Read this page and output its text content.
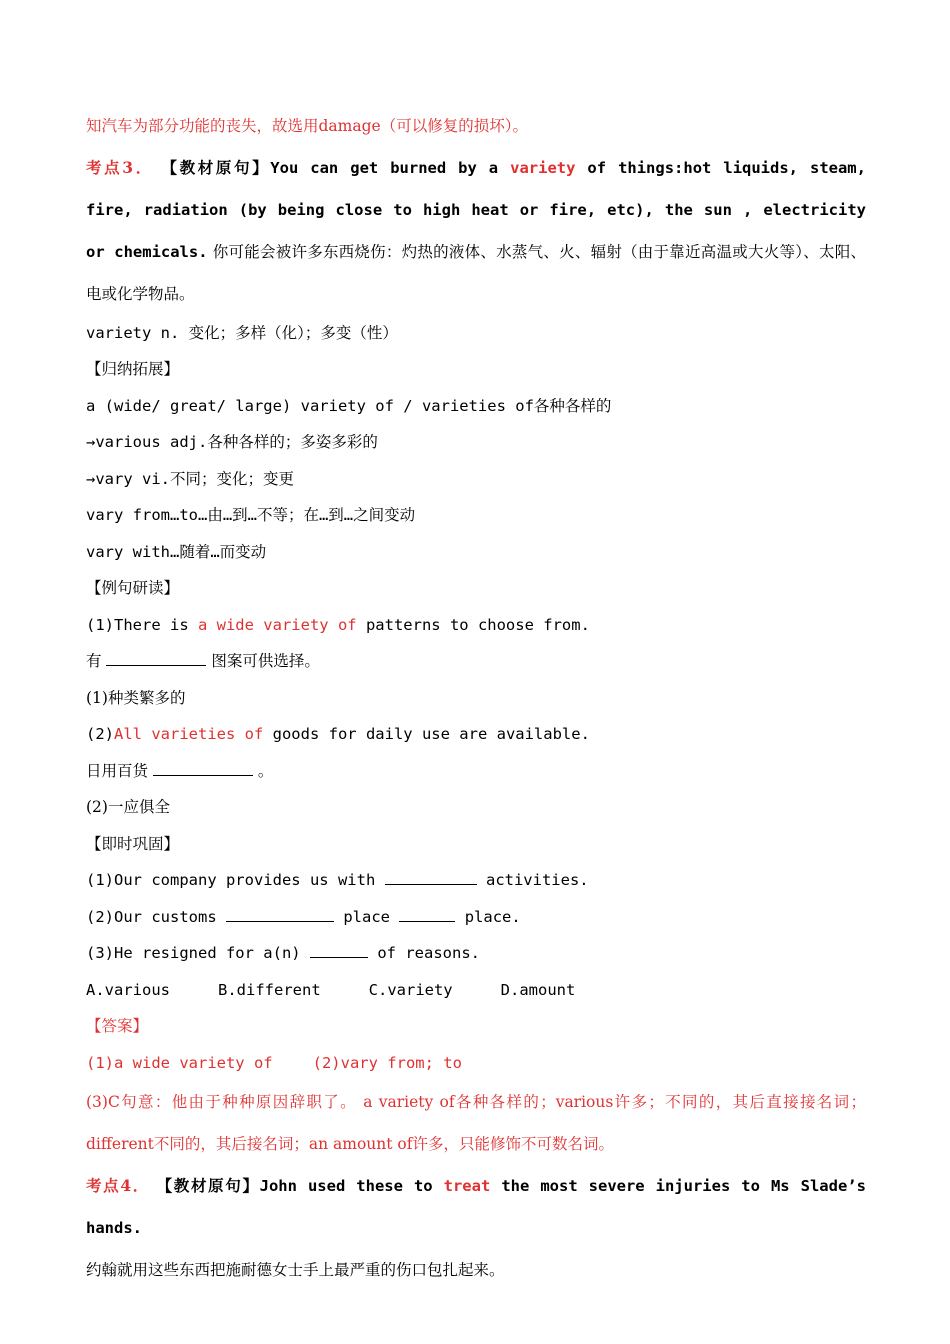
知汽车为部分功能的丧失，故选用damage（可以修复的损坏）。
考点3． 【教材原句】You can get burned by a variety of things:hot liquids, steam, fire, radiation (by being close to high heat or fire, etc), the sun , electricity or chemicals. 你可能会被许多东西烧伤：灼热的液体、水蒸气、火、辐射（由于靠近高温或大火等）、太阳、电或化学物品。
variety n. 变化；多样（化）；多变（性）
【归纳拓展】
a (wide/ great/ large) variety of / varieties of各种各样的
→various adj.各种各样的；多姿多彩的
→vary vi.不同；变化；变更
vary from…to…由…到…不等；在…到…之间变动
vary with…随着…而变动
【例句研读】
(1)There is a wide variety of patterns to choose from.
有	图案可供选择。
(1)种类繁多的
(2)All varieties of goods for daily use are available.
日用百货	。
(2)一应俱全
【即时巩固】
(1)Our company provides us with	activities.
(2)Our customs	place	place.
(3)He resigned for a(n)	of reasons.
A.various	B.different	C.variety	D.amount
【答案】
(1)a wide variety of	(2)vary from; to
(3)C句意：他由于种种原因辞职了。 a variety of各种各样的；various许多；不同的，其后直接接名词；different不同的，其后接名词；an amount of许多，只能修饰不可数名词。
考点4． 【教材原句】John used these to treat the most severe injuries to Ms Slade’s hands.
约翰就用这些东西把施耐德女士手上最严重的伤口包扎起来。
